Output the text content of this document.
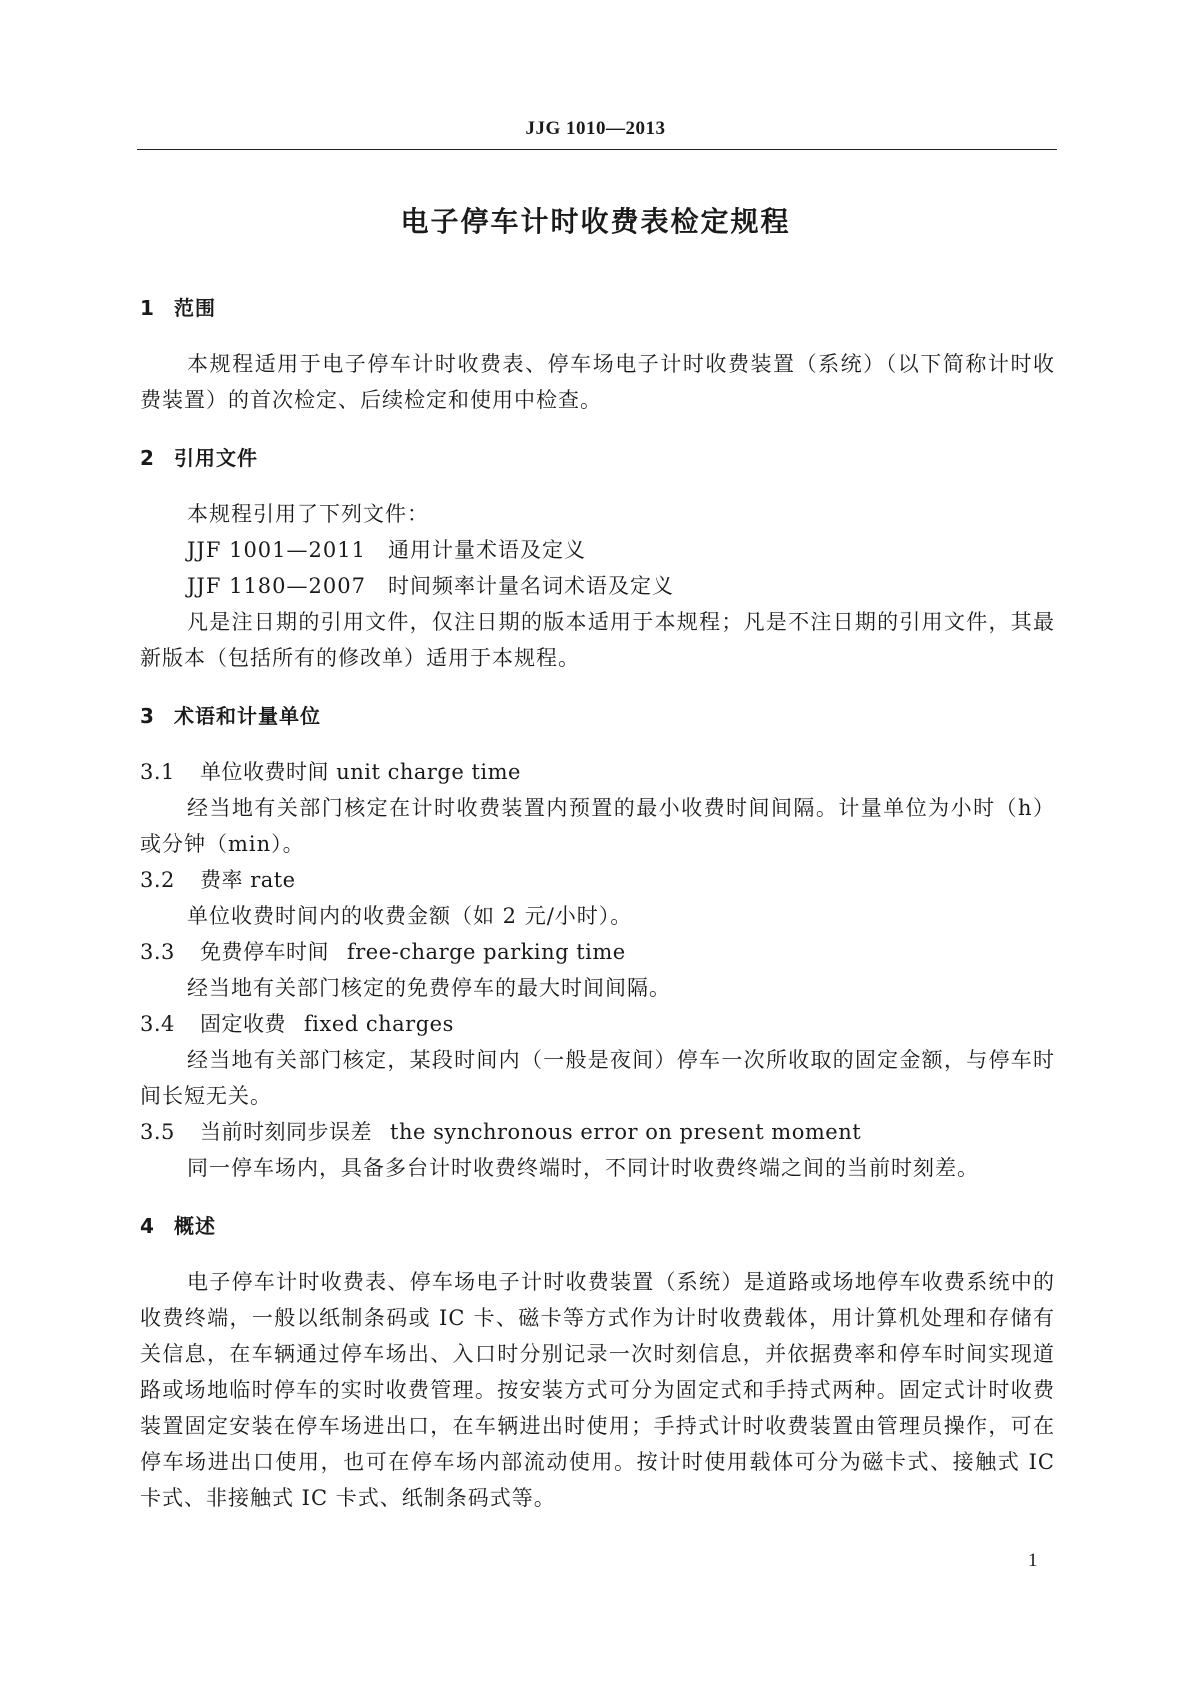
JJG 1010—2013
电子停车计时收费表检定规程
1 范围

本规程适用于电子停车计时收费表、停车场电子计时收费装置（系统）（以下简称计时收费装置）的首次检定、后续检定和使用中检查。

2 引用文件

本规程引用了下列文件：

JJF 1001—2011　通用计量术语及定义

JJF 1180—2007　时间频率计量名词术语及定义

凡是注日期的引用文件，仅注日期的版本适用于本规程；凡是不注日期的引用文件，其最新版本（包括所有的修改单）适用于本规程。

3 术语和计量单位

3.1 单位收费时间 unit charge time

经当地有关部门核定在计时收费装置内预置的最小收费时间间隔。计量单位为小时（h）或分钟（min）。

3.2 费率 rate

单位收费时间内的收费金额（如 2 元/小时）。

3.3 免费停车时间 free-charge parking time

经当地有关部门核定的免费停车的最大时间间隔。

3.4 固定收费 fixed charges

经当地有关部门核定，某段时间内（一般是夜间）停车一次所收取的固定金额，与停车时间长短无关。

3.5 当前时刻同步误差 the synchronous error on present moment

同一停车场内，具备多台计时收费终端时，不同计时收费终端之间的当前时刻差。

4 概述

电子停车计时收费表、停车场电子计时收费装置（系统）是道路或场地停车收费系统中的收费终端，一般以纸制条码或 IC 卡、磁卡等方式作为计时收费载体，用计算机处理和存储有关信息，在车辆通过停车场出、入口时分别记录一次时刻信息，并依据费率和停车时间实现道路或场地临时停车的实时收费管理。按安装方式可分为固定式和手持式两种。固定式计时收费装置固定安装在停车场进出口，在车辆进出时使用；手持式计时收费装置由管理员操作，可在停车场进出口使用，也可在停车场内部流动使用。按计时使用载体可分为磁卡式、接触式 IC 卡式、非接触式 IC 卡式、纸制条码式等。

1
